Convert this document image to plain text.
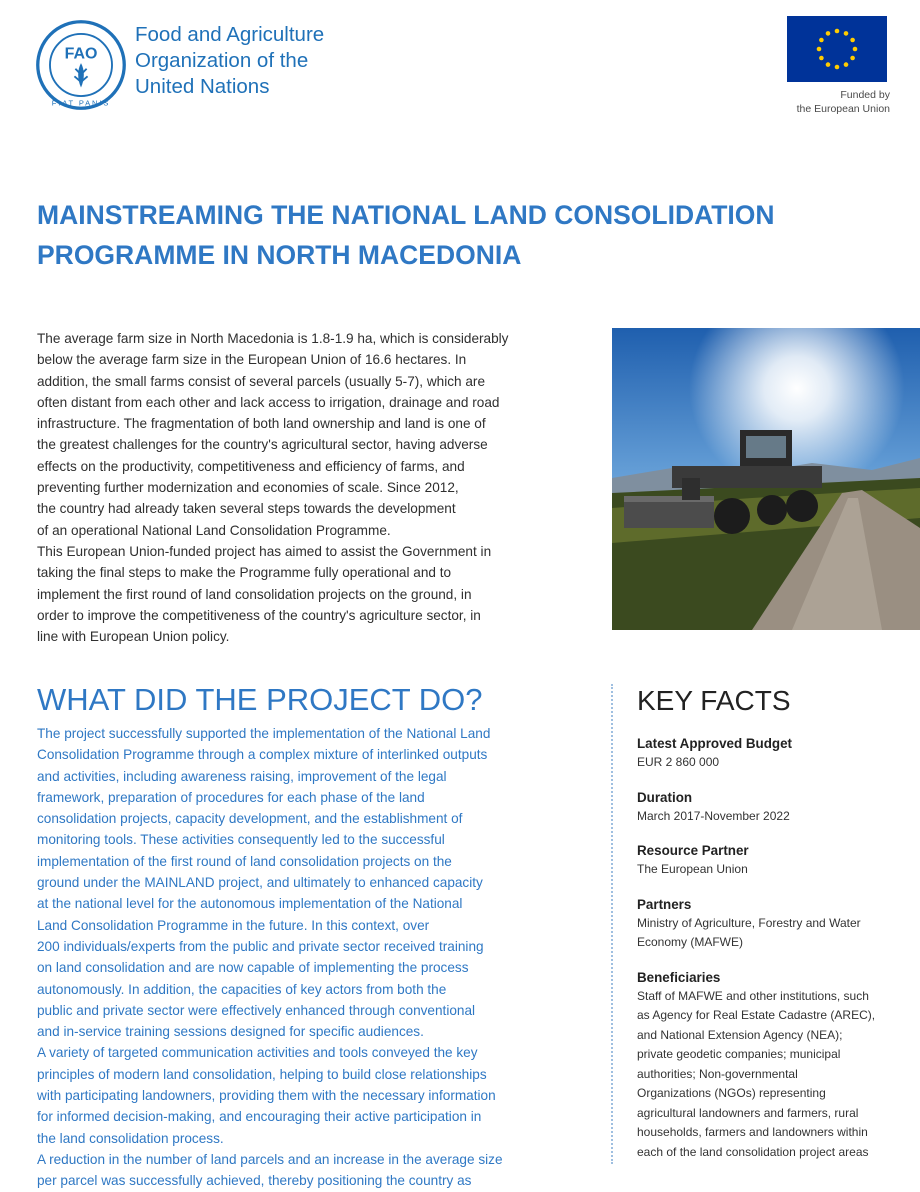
FAO
FIAT PANIS
Food and Agriculture
Organization of the
United Nations	Funded by
the European Union
MAINSTREAMING THE NATIONAL LAND CONSOLIDATION
PROGRAMME IN NORTH MACEDONIA
The average farm size in North Macedonia is 1.8-1.9 ha, which is considerably
below the average farm size in the European Union of 16.6 hectares. In
addition, the small farms consist of several parcels (usually 5-7), which are
often distant from each other and lack access to irrigation, drainage and road
infrastructure. The fragmentation of both land ownership and land is one of
the greatest challenges for the country's agricultural sector, having adverse
effects on the productivity, competitiveness and efficiency of farms, and
preventing further modernization and economies of scale. Since 2012,
the country had already taken several steps towards the development
of an operational National Land Consolidation Programme.
This European Union-funded project has aimed to assist the Government in
taking the final steps to make the Programme fully operational and to
implement the first round of land consolidation projects on the ground, in
order to improve the competitiveness of the country's agriculture sector, in
line with European Union policy.
WHAT DID THE PROJECT DO?
The project successfully supported the implementation of the National Land
Consolidation Programme through a complex mixture of interlinked outputs
and activities, including awareness raising, improvement of the legal
framework, preparation of procedures for each phase of the land
consolidation projects, capacity development, and the establishment of
monitoring tools. These activities consequently led to the successful
implementation of the first round of land consolidation projects on the
ground under the MAINLAND project, and ultimately to enhanced capacity
at the national level for the autonomous implementation of the National
Land Consolidation Programme in the future. In this context, over
200 individuals/experts from the public and private sector received training
on land consolidation and are now capable of implementing the process
autonomously. In addition, the capacities of key actors from both the
public and private sector were effectively enhanced through conventional
and in-service training sessions designed for specific audiences.
A variety of targeted communication activities and tools conveyed the key
principles of modern land consolidation, helping to build close relationships
with participating landowners, providing them with the necessary information
for informed decision-making, and encouraging their active participation in
the land consolidation process.
A reduction in the number of land parcels and an increase in the average size
per parcel was successfully achieved, thereby positioning the country as
KEY FACTS
Latest Approved Budget
EUR 2 860 000
Duration
March 2017-November 2022
Resource Partner
The European Union
Partners
Ministry of Agriculture, Forestry and Water
Economy (MAFWE)
Beneficiaries
Staff of MAFWE and other institutions, such
as Agency for Real Estate Cadastre (AREC),
and National Extension Agency (NEA);
private geodetic companies; municipal
authorities; Non-governmental
Organizations (NGOs) representing
agricultural landowners and farmers, rural
households, farmers and landowners within
each of the land consolidation project areas
